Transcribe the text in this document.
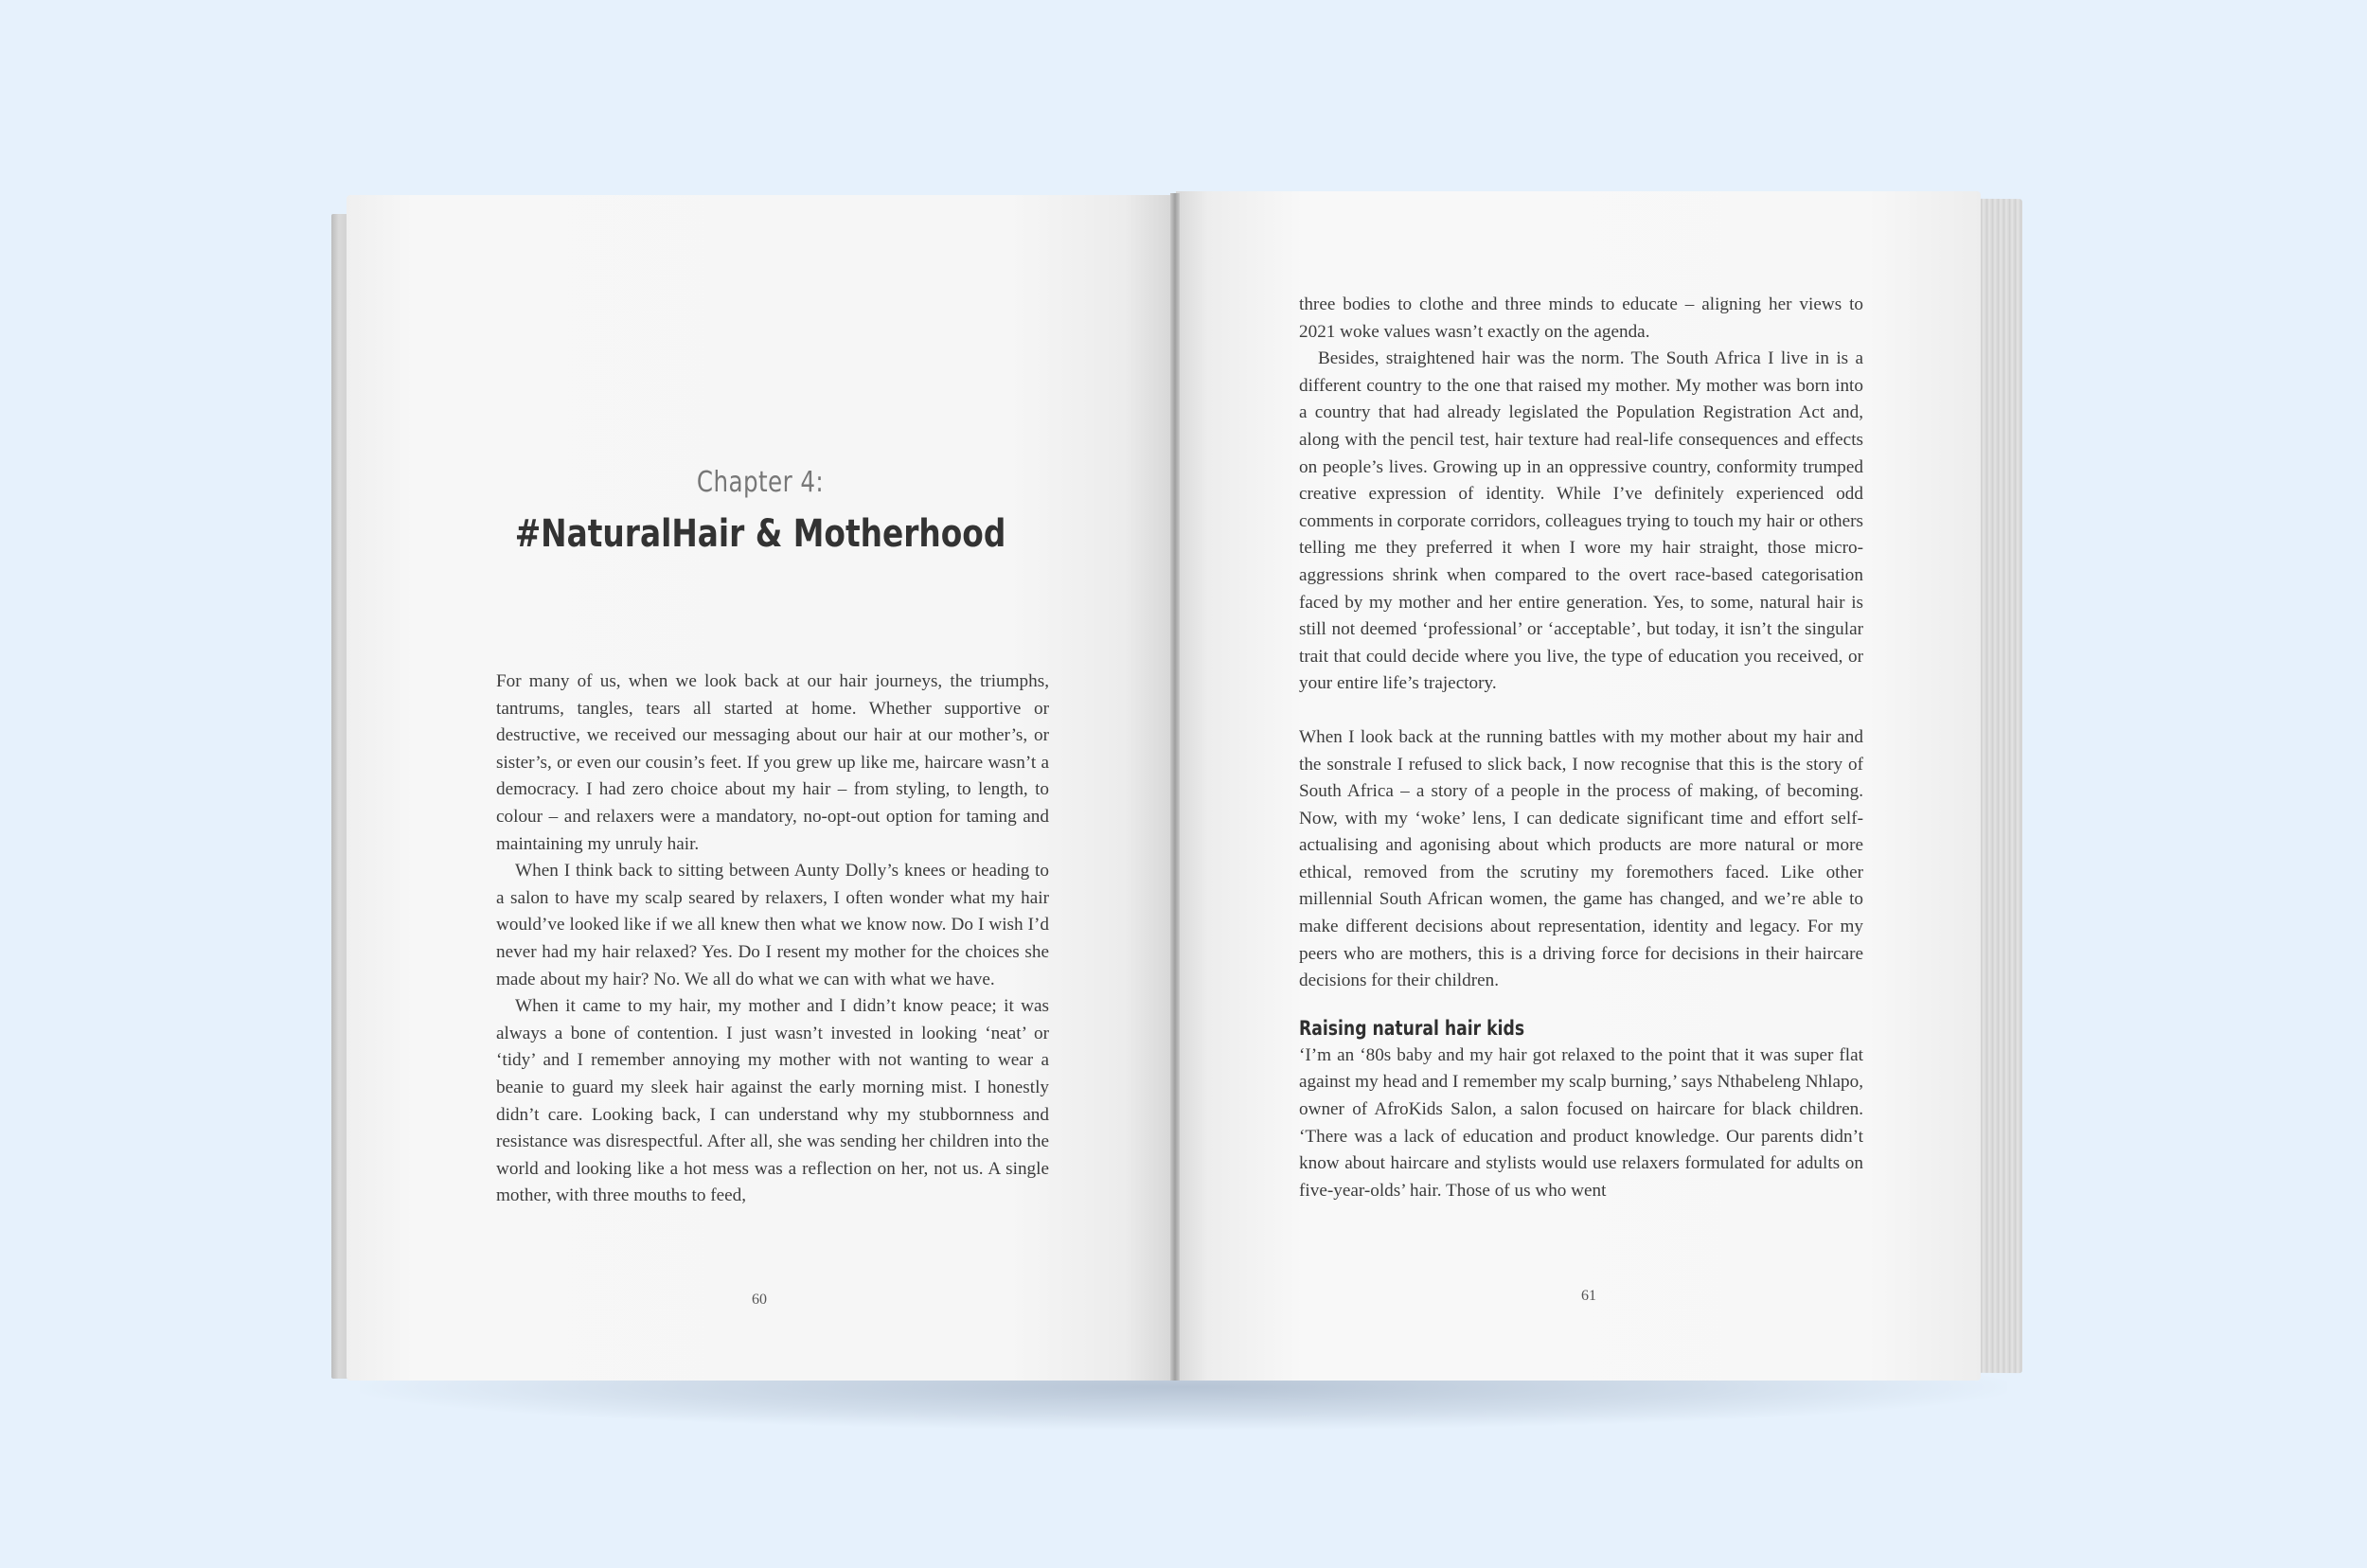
Chapter 4:
#NaturalHair & Motherhood

For many of us, when we look back at our hair journeys, the triumphs, tantrums, tangles, tears all started at home. Whether supportive or destructive, we received our messaging about our hair at our mother’s, or sister’s, or even our cousin’s feet. If you grew up like me, haircare wasn’t a democracy. I had zero choice about my hair – from styling, to length, to colour – and relaxers were a mandatory, no-opt-out option for taming and maintaining my unruly hair.

When I think back to sitting between Aunty Dolly’s knees or heading to a salon to have my scalp seared by relaxers, I often wonder what my hair would’ve looked like if we all knew then what we know now. Do I wish I’d never had my hair relaxed? Yes. Do I resent my mother for the choices she made about my hair? No. We all do what we can with what we have.

When it came to my hair, my mother and I didn’t know peace; it was always a bone of contention. I just wasn’t invested in looking ‘neat’ or ‘tidy’ and I remember annoying my mother with not wanting to wear a beanie to guard my sleek hair against the early morning mist. I honestly didn’t care. Looking back, I can understand why my stubbornness and resistance was disrespectful. After all, she was sending her children into the world and looking like a hot mess was a reflection on her, not us. A single mother, with three mouths to feed,

60

three bodies to clothe and three minds to educate – aligning her views to 2021 woke values wasn’t exactly on the agenda.

Besides, straightened hair was the norm. The South Africa I live in is a different country to the one that raised my mother. My mother was born into a country that had already legislated the Population Registration Act and, along with the pencil test, hair texture had real-life consequences and effects on people’s lives. Growing up in an oppressive country, conformity trumped creative expression of identity. While I’ve definitely experienced odd comments in corporate corridors, colleagues trying to touch my hair or others telling me they preferred it when I wore my hair straight, those micro-aggressions shrink when compared to the overt race-based categorisation faced by my mother and her entire generation. Yes, to some, natural hair is still not deemed ‘professional’ or ‘acceptable’, but today, it isn’t the singular trait that could decide where you live, the type of education you received, or your entire life’s trajectory.

When I look back at the running battles with my mother about my hair and the sonstrale I refused to slick back, I now recognise that this is the story of South Africa – a story of a people in the process of making, of becoming. Now, with my ‘woke’ lens, I can dedicate significant time and effort self-actualising and agonising about which products are more natural or more ethical, removed from the scrutiny my foremothers faced. Like other millennial South African women, the game has changed, and we’re able to make different decisions about representation, identity and legacy. For my peers who are mothers, this is a driving force for decisions in their haircare decisions for their children.

Raising natural hair kids

‘I’m an ‘80s baby and my hair got relaxed to the point that it was super flat against my head and I remember my scalp burning,’ says Nthabeleng Nhlapo, owner of AfroKids Salon, a salon focused on haircare for black children. ‘There was a lack of education and product knowledge. Our parents didn’t know about haircare and stylists would use relaxers formulated for adults on five-year-olds’ hair. Those of us who went

61
